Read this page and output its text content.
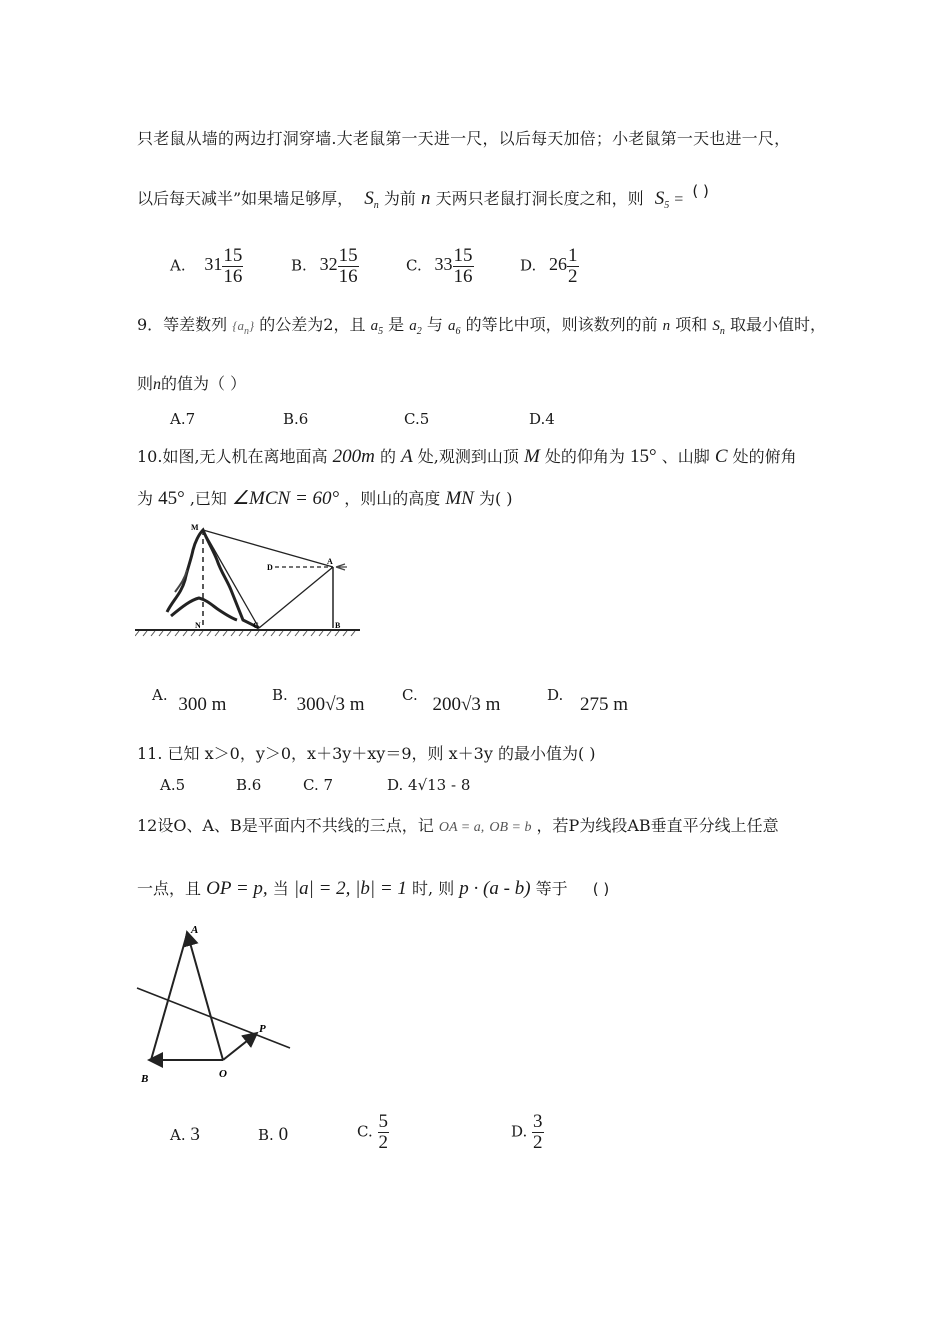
只老鼠从墙的两边打洞穿墙.大老鼠第一天进一尺，以后每天加倍；小老鼠第一天也进一尺，
以后每天减半”如果墙足够厚， $S_n$ 为前 n 天两只老鼠打洞长度之和，则 $S_5$ = ( )
A. $31 \frac{15}{16}$	B. $32 \frac{15}{16}$	C. $33 \frac{15}{16}$	D. $26 \frac{1}{2}$
9．等差数列 $\{a_n\}$ 的公差为2，且 $a_5$ 是 $a_2$ 与 $a_6$ 的等比中项，则该数列的前 n 项和 $S_n$ 取最小值时，
则n的值为（ ）
A.7	B.6	C.5	D.4
10.如图,无人机在离地面高 200m 的 A 处,观测到山顶 M 处的仰角为 15° 、山脚 C 处的俯角
为 45° ,已知 ∠MCN = 60° ，则山的高度 MN 为( )
M
A
D
N	C	B
A. 300 m	B. 300√3 m C. 200√3 m	D. 275 m
11. 已知 x＞0，y＞0，x＋3y＋xy＝9，则 x＋3y 的最小值为( )
A.5	B.6	C. 7	D. 4√13 - 8
12设O、A、B是平面内不共线的三点，记 OA = a, OB = b ，若P为线段AB垂直平分线上任意
一点，且 OP = p, 当 |a| = 2, |b| = 1 时, 则 p · (a - b) 等于 ( )
A
B	O
P
A. 3	B. 0	C. $\frac{5}{2}$	D. $\frac{3}{2}$
